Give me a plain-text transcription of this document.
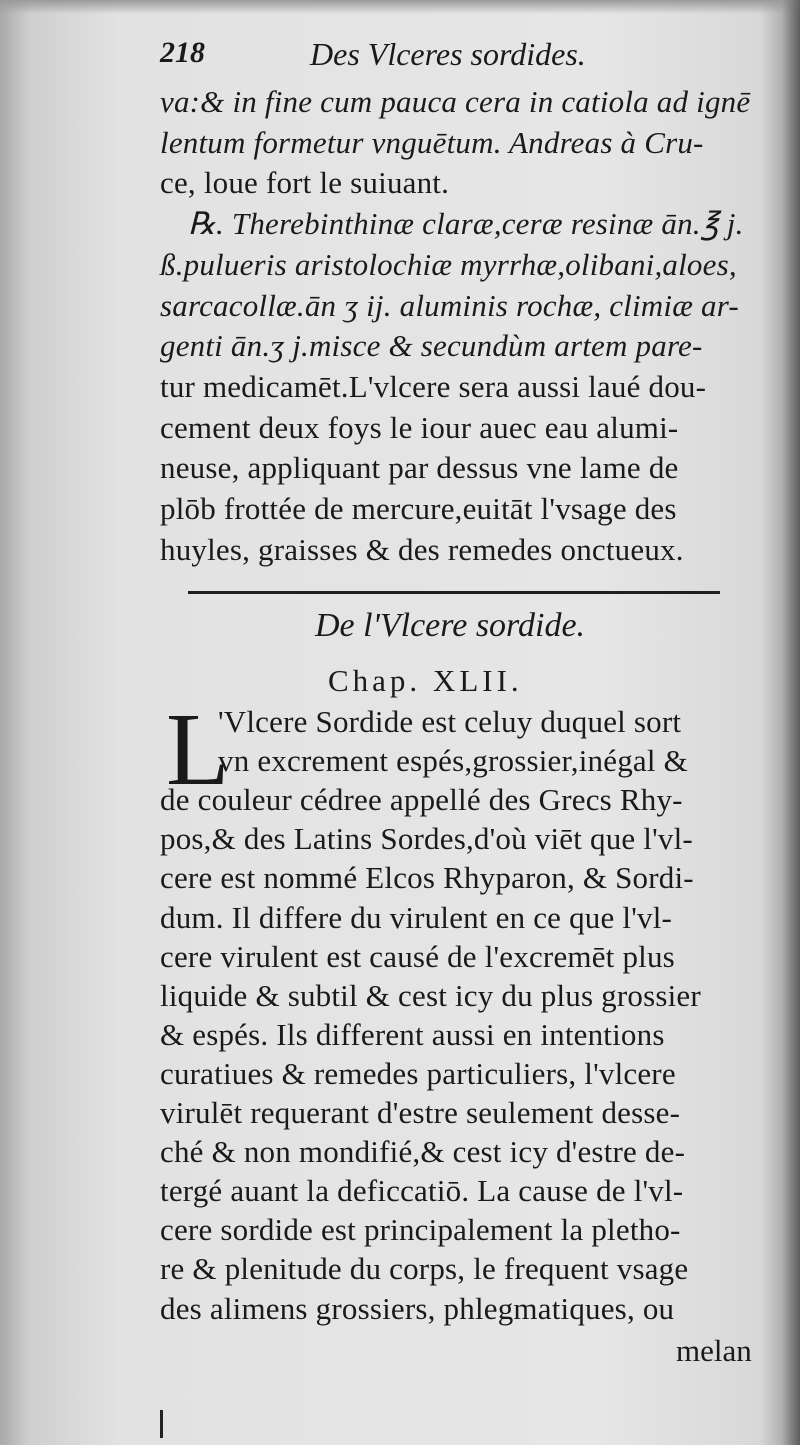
218	Des Vlceres sordides.
va:& in fine cum pauca cera in catiola ad ignē
lentum formetur vnguētum. Andreas à Cru-
ce, loue fort le suiuant.
℞. Therebinthinæ claræ,ceræ resinæ ān.℥ j.
ß.pulueris aristolochiæ myrrhæ,olibani,aloes,
sarcacollæ.ān ʒ ij. aluminis rochæ, climiæ ar-
genti ān.ʒ j.misce & secundùm artem pare-
tur medicamēt.L'vlcere sera aussi laué dou-
cement deux foys le iour auec eau alumi-
neuse, appliquant par dessus vne lame de
plōb frottée de mercure,euitāt l'vsage des
huyles, graisses & des remedes onctueux.
De l'Vlcere sordide.
Chap. XLII.
L
'Vlcere Sordide est celuy duquel sort
vn excrement espés,grossier,inégal &
de couleur cédree appellé des Grecs Rhy-
pos,& des Latins Sordes,d'où viēt que l'vl-
cere est nommé Elcos Rhyparon, & Sordi-
dum. Il differe du virulent en ce que l'vl-
cere virulent est causé de l'excremēt plus
liquide & subtil & cest icy du plus grossier
& espés. Ils different aussi en intentions
curatiues & remedes particuliers, l'vlcere
virulēt requerant d'estre seulement desse-
ché & non mondifié,& cest icy d'estre de-
tergé auant la deficcatiō. La cause de l'vl-
cere sordide est principalement la plethо-
re & plenitude du corps, le frequent vsage
des alimens grossiers, phlegmatiques, ou
melan
